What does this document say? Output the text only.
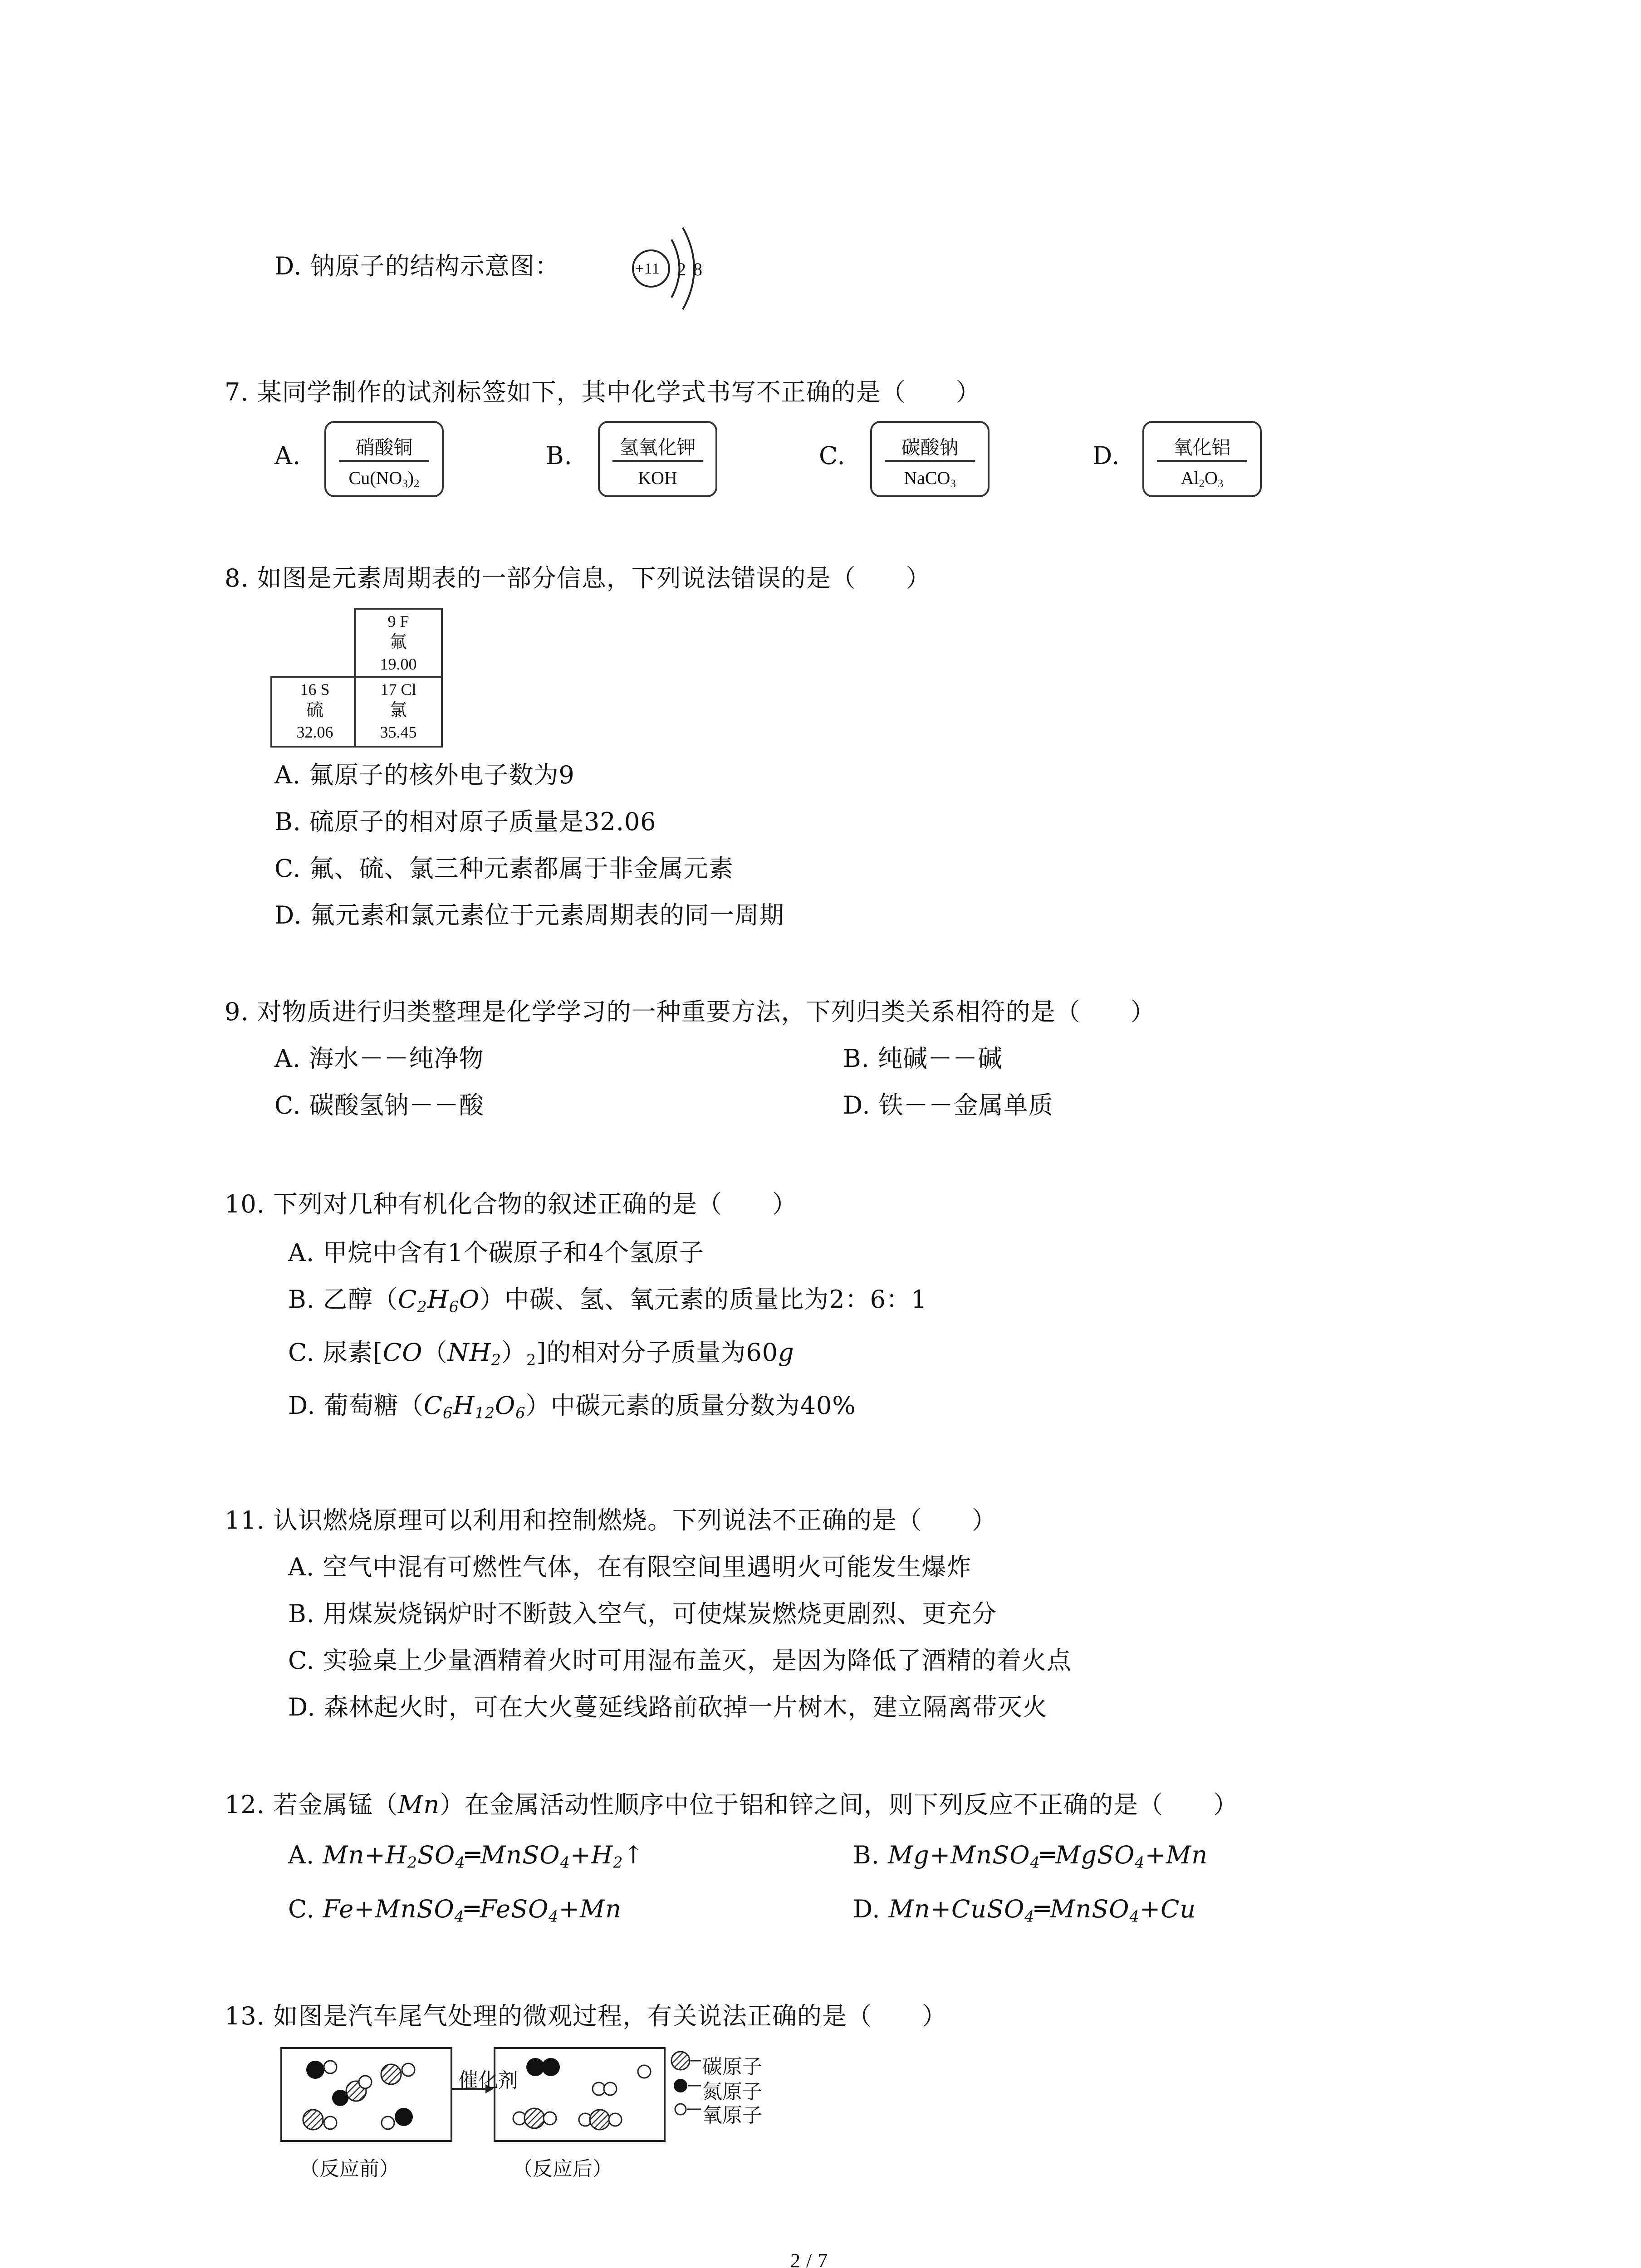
D. 钠原子的结构示意图：	+11 2 8
7. 某同学制作的试剂标签如下，其中化学式书写不正确的是（　　）
A.	硝酸铜
$Cu(NO_3)_2$
B.	氢氧化钾
KOH
C.	碳酸钠
NaCO$_3$
D.	氧化铝
$Al_2O_3$
8. 如图是元素周期表的一部分信息，下列说法错误的是（　　）
9 F
氟
19.00
16 S
硫
32.06
17 Cl
氯
35.45
A. 氟原子的核外电子数为9
B. 硫原子的相对原子质量是32.06
C. 氟、硫、氯三种元素都属于非金属元素
D. 氟元素和氯元素位于元素周期表的同一周期
9. 对物质进行归类整理是化学学习的一种重要方法，下列归类关系相符的是（　　）
A. 海水－－纯净物	B. 纯碱－－碱
C. 碳酸氢钠－－酸	D. 铁－－金属单质
10. 下列对几种有机化合物的叙述正确的是（　　）
A. 甲烷中含有1个碳原子和4个氢原子
B. 乙醇$(C_2H_6O)$中碳、氢、氧元素的质量比为2：6：1
C. 尿素$[CO(NH_2)_2]$的相对分子质量为60g
D. 葡萄糖$(C_6H_{12}O_6)$中碳元素的质量分数为40%
11. 认识燃烧原理可以利用和控制燃烧。下列说法不正确的是（　　）
A. 空气中混有可燃性气体，在有限空间里遇明火可能发生爆炸
B. 用煤炭烧锅炉时不断鼓入空气，可使煤炭燃烧更剧烈、更充分
C. 实验桌上少量酒精着火时可用湿布盖灭，是因为降低了酒精的着火点
D. 森林起火时，可在大火蔓延线路前砍掉一片树木，建立隔离带灭火
12. 若金属锰（Mn）在金属活动性顺序中位于铝和锌之间，则下列反应不正确的是（　　）
A. $Mn+H_2SO_4═MnSO_4+H_2↑$	B. Mg+MnSO$_4$═MgSO$_4$+Mn
C. Fe+MnSO$_4$═FeSO$_4$+Mn	D. Mn+CuSO$_4$═MnSO$_4$+Cu
13. 如图是汽车尾气处理的微观过程，有关说法正确的是（　　）
催化剂
碳原子
氮原子
氧原子
（反应前）	（反应后）
2 / 7
